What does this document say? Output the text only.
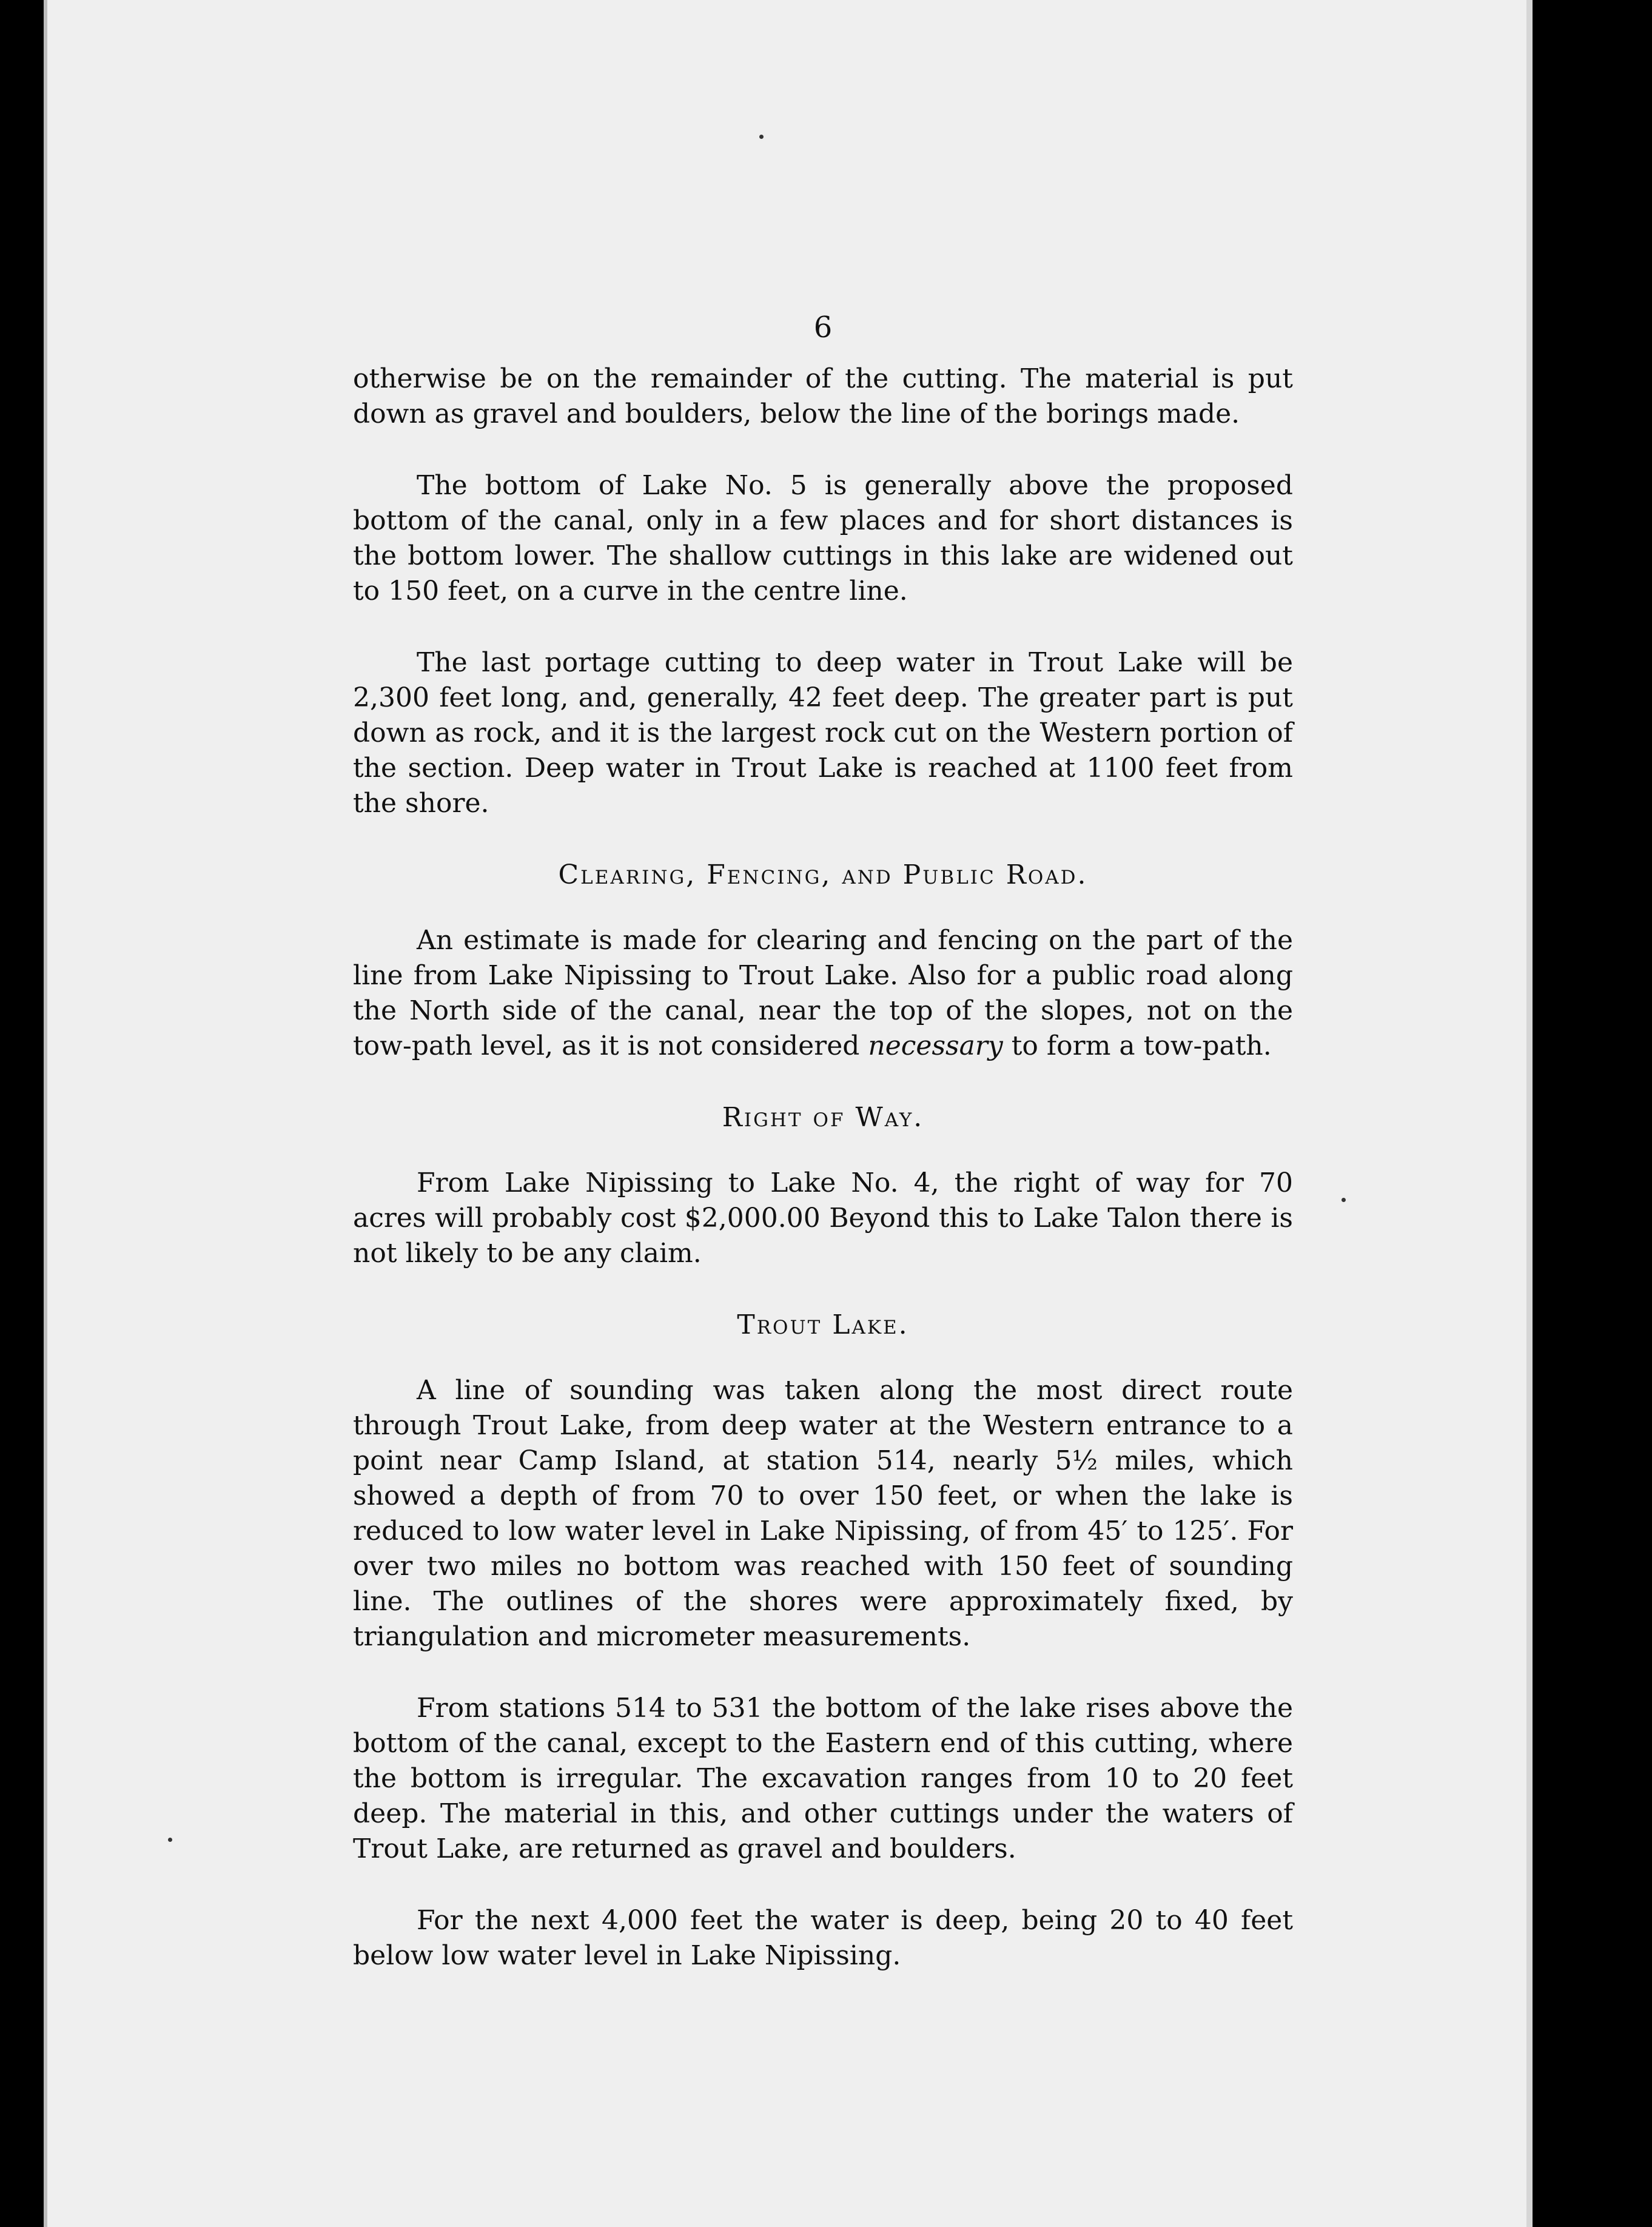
6

otherwise be on the remainder of the cutting. The material is put down as gravel and boulders, below the line of the borings made.

The bottom of Lake No. 5 is generally above the proposed bottom of the canal, only in a few places and for short distances is the bottom lower. The shallow cuttings in this lake are widened out to 150 feet, on a curve in the centre line.

The last portage cutting to deep water in Trout Lake will be 2,300 feet long, and, generally, 42 feet deep. The greater part is put down as rock, and it is the largest rock cut on the Western portion of the section. Deep water in Trout Lake is reached at 1100 feet from the shore.

Clearing, Fencing, and Public Road.

An estimate is made for clearing and fencing on the part of the line from Lake Nipissing to Trout Lake. Also for a public road along the North side of the canal, near the top of the slopes, not on the tow-path level, as it is not considered necessary to form a tow-path.

Right of Way.

From Lake Nipissing to Lake No. 4, the right of way for 70 acres will probably cost $2,000.00 Beyond this to Lake Talon there is not likely to be any claim.

Trout Lake.

A line of sounding was taken along the most direct route through Trout Lake, from deep water at the Western entrance to a point near Camp Island, at station 514, nearly 5½ miles, which showed a depth of from 70 to over 150 feet, or when the lake is reduced to low water level in Lake Nipissing, of from 45′ to 125′. For over two miles no bottom was reached with 150 feet of sounding line. The outlines of the shores were approximately fixed, by triangulation and micrometer measurements.

From stations 514 to 531 the bottom of the lake rises above the bottom of the canal, except to the Eastern end of this cutting, where the bottom is irregular. The excavation ranges from 10 to 20 feet deep. The material in this, and other cuttings under the waters of Trout Lake, are returned as gravel and boulders.

For the next 4,000 feet the water is deep, being 20 to 40 feet below low water level in Lake Nipissing.
